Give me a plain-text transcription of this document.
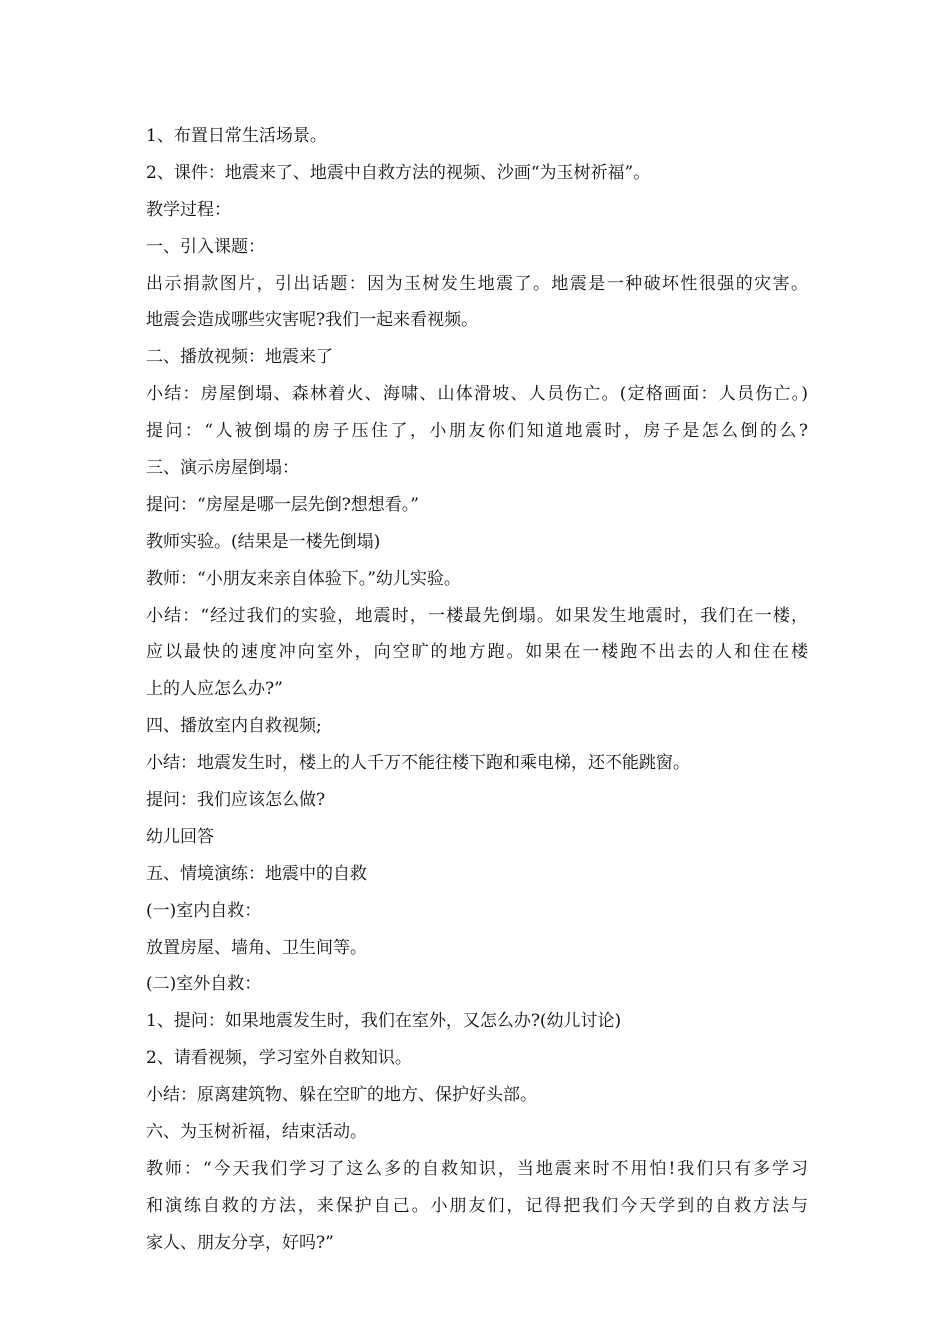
1、布置日常生活场景。
2、课件：地震来了、地震中自救方法的视频、沙画“为玉树祈福”。
教学过程：
一、引入课题：
出示捐款图片，引出话题：因为玉树发生地震了。地震是一种破坏性很强的灾害。
地震会造成哪些灾害呢?我们一起来看视频。
二、播放视频：地震来了
小结：房屋倒塌、森林着火、海啸、山体滑坡、人员伤亡。(定格画面：人员伤亡。)
提问：“人被倒塌的房子压住了，小朋友你们知道地震时，房子是怎么倒的么?
三、演示房屋倒塌：
提问：“房屋是哪一层先倒?想想看。”
教师实验。(结果是一楼先倒塌)
教师：“小朋友来亲自体验下。”幼儿实验。
小结：“经过我们的实验，地震时，一楼最先倒塌。如果发生地震时，我们在一楼，
应以最快的速度冲向室外，向空旷的地方跑。如果在一楼跑不出去的人和住在楼
上的人应怎么办?”
四、播放室内自救视频;
小结：地震发生时，楼上的人千万不能往楼下跑和乘电梯，还不能跳窗。
提问：我们应该怎么做?
幼儿回答
五、情境演练：地震中的自救
(一)室内自救：
放置房屋、墙角、卫生间等。
(二)室外自救：
1、提问：如果地震发生时，我们在室外，又怎么办?(幼儿讨论)
2、请看视频，学习室外自救知识。
小结：原离建筑物、躲在空旷的地方、保护好头部。
六、为玉树祈福，结束活动。
教师：“今天我们学习了这么多的自救知识，当地震来时不用怕!我们只有多学习
和演练自救的方法，来保护自己。小朋友们，记得把我们今天学到的自救方法与
家人、朋友分享，好吗?”
